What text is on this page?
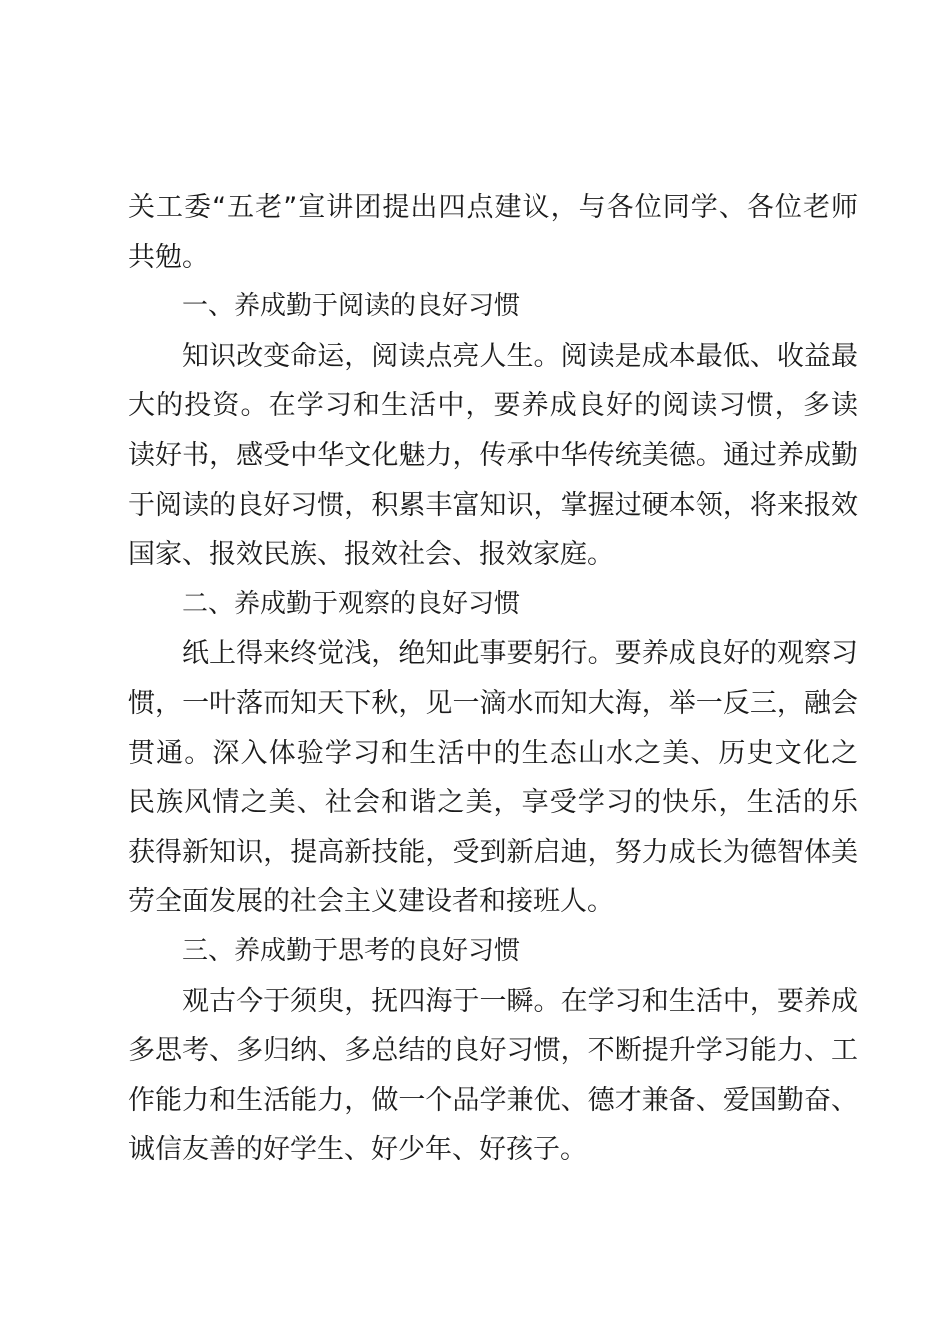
关工委“五老”宣讲团提出四点建议，与各位同学、各位老师
共勉。
一、养成勤于阅读的良好习惯
知识改变命运，阅读点亮人生。阅读是成本最低、收益最
大的投资。在学习和生活中，要养成良好的阅读习惯，多读
读好书，感受中华文化魅力，传承中华传统美德。通过养成勤
于阅读的良好习惯，积累丰富知识，掌握过硬本领，将来报效
国家、报效民族、报效社会、报效家庭。
二、养成勤于观察的良好习惯
纸上得来终觉浅，绝知此事要躬行。要养成良好的观察习
惯，一叶落而知天下秋，见一滴水而知大海，举一反三，融会
贯通。深入体验学习和生活中的生态山水之美、历史文化之
民族风情之美、社会和谐之美，享受学习的快乐，生活的乐
获得新知识，提高新技能，受到新启迪，努力成长为德智体美
劳全面发展的社会主义建设者和接班人。
三、养成勤于思考的良好习惯
观古今于须臾，抚四海于一瞬。在学习和生活中，要养成
多思考、多归纳、多总结的良好习惯，不断提升学习能力、工
作能力和生活能力，做一个品学兼优、德才兼备、爱国勤奋、
诚信友善的好学生、好少年、好孩子。
